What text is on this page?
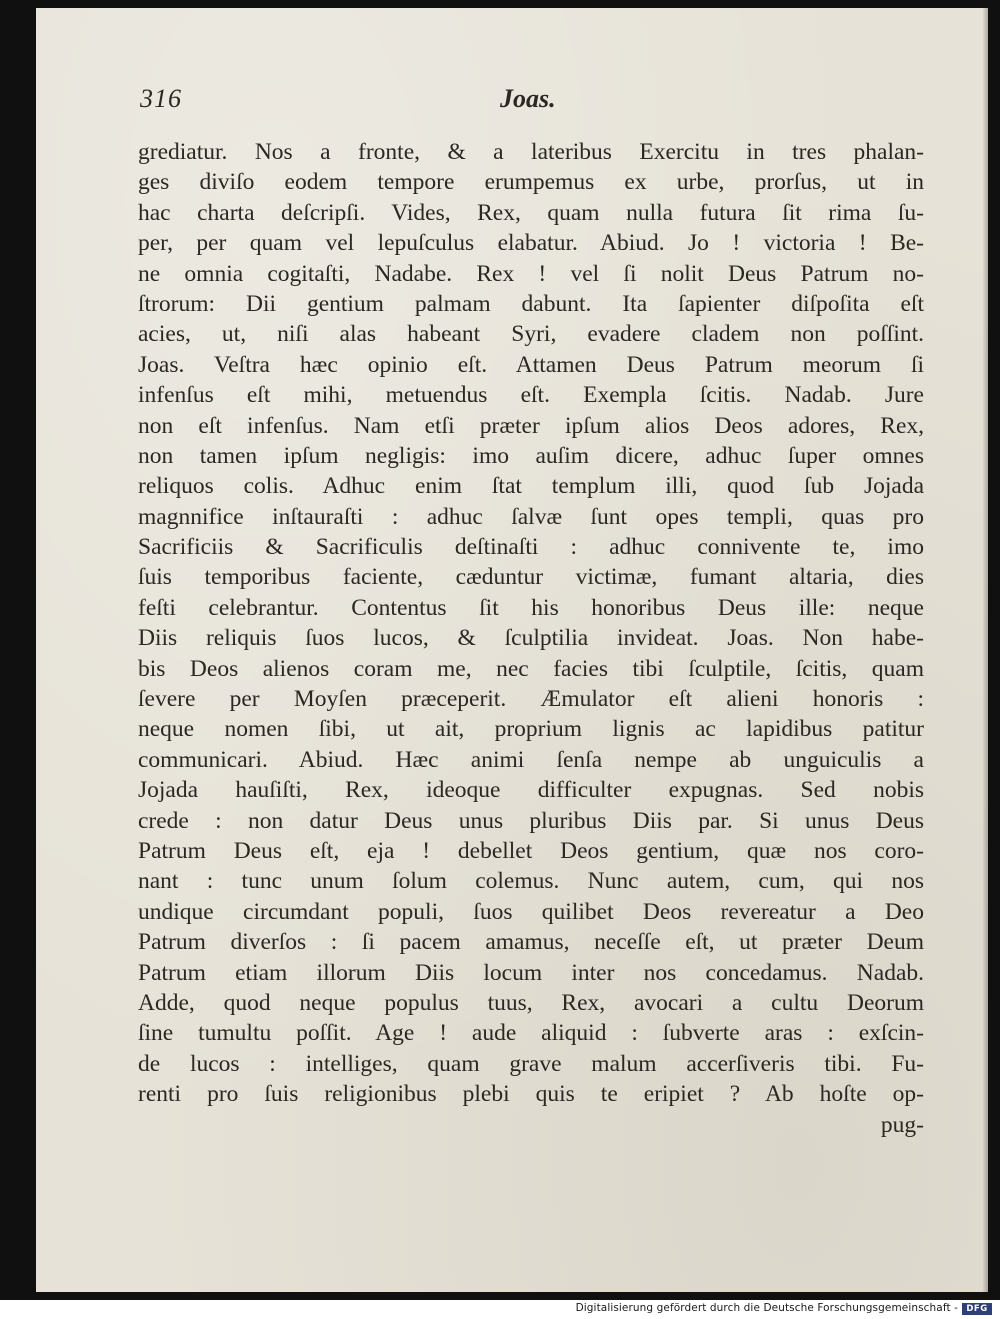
316	Joas.
grediatur. Nos a fronte, & a lateribus Exercitu in tres phalan-
ges diviſo eodem tempore erumpemus ex urbe, prorſus, ut in
hac charta deſcripſi. Vides, Rex, quam nulla futura ſit rima ſu-
per, per quam vel lepuſculus elabatur. Abiud. Jo ! victoria ! Be-
ne omnia cogitaſti, Nadabe. Rex ! vel ſi nolit Deus Patrum no-
ſtrorum: Dii gentium palmam dabunt. Ita ſapienter diſpoſita eſt
acies, ut, niſi alas habeant Syri, evadere cladem non poſſint.
Joas. Veſtra hæc opinio eſt. Attamen Deus Patrum meorum ſi
infenſus eſt mihi, metuendus eſt. Exempla ſcitis. Nadab. Jure
non eſt infenſus. Nam etſi præter ipſum alios Deos adores, Rex,
non tamen ipſum negligis: imo auſim dicere, adhuc ſuper omnes
reliquos colis. Adhuc enim ſtat templum illi, quod ſub Jojada
magnnifice inſtauraſti : adhuc ſalvæ ſunt opes templi, quas pro
Sacrificiis & Sacrificulis deſtinaſti : adhuc connivente te, imo
ſuis temporibus faciente, cæduntur victimæ, fumant altaria, dies
feſti celebrantur. Contentus ſit his honoribus Deus ille: neque
Diis reliquis ſuos lucos, & ſculptilia invideat. Joas. Non habe-
bis Deos alienos coram me, nec facies tibi ſculptile, ſcitis, quam
ſevere per Moyſen præceperit. Æmulator eſt alieni honoris :
neque nomen ſibi, ut ait, proprium lignis ac lapidibus patitur
communicari. Abiud. Hæc animi ſenſa nempe ab unguiculis a
Jojada hauſiſti, Rex, ideoque difficulter expugnas. Sed nobis
crede : non datur Deus unus pluribus Diis par. Si unus Deus
Patrum Deus eſt, eja ! debellet Deos gentium, quæ nos coro-
nant : tunc unum ſolum colemus. Nunc autem, cum, qui nos
undique circumdant populi, ſuos quilibet Deos revereatur a Deo
Patrum diverſos : ſi pacem amamus, neceſſe eſt, ut præter Deum
Patrum etiam illorum Diis locum inter nos concedamus. Nadab.
Adde, quod neque populus tuus, Rex, avocari a cultu Deorum
ſine tumultu poſſit. Age ! aude aliquid : ſubverte aras : exſcin-
de lucos : intelliges, quam grave malum accerſiveris tibi. Fu-
renti pro ſuis religionibus plebi quis te eripiet ? Ab hoſte op-
pug-
Digitalisierung gefördert durch die Deutsche Forschungsgemeinschaft - DFG
